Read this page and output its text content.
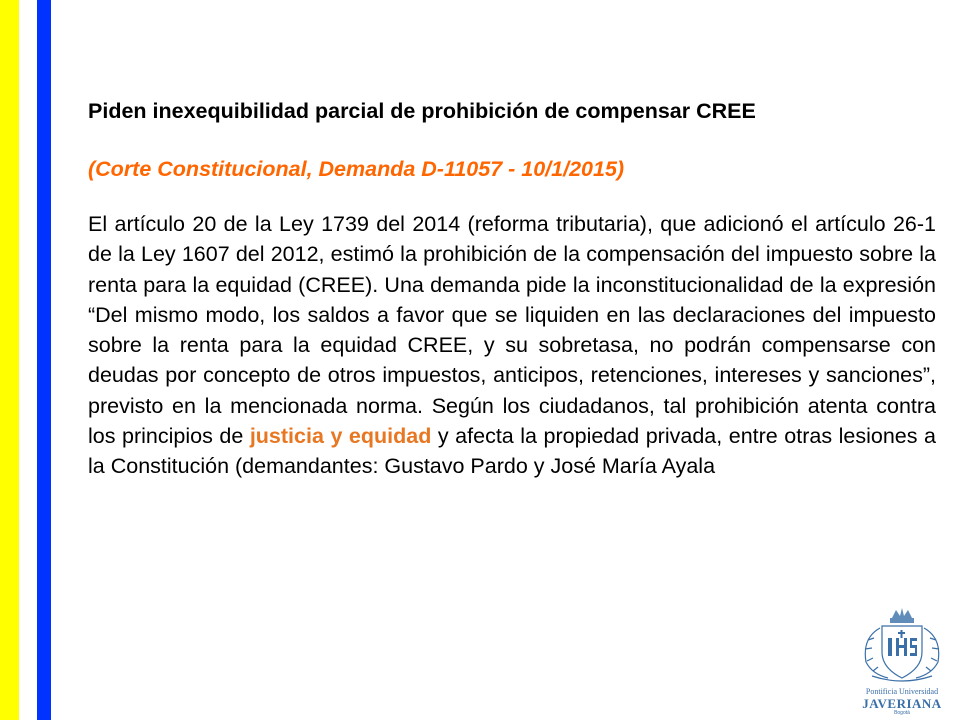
Piden inexequibilidad parcial de prohibición de compensar CREE

(Corte Constitucional, Demanda D-11057 - 10/1/2015)

El artículo 20 de la Ley 1739 del 2014 (reforma tributaria), que adicionó el artículo 26-1 de la Ley 1607 del 2012, estimó la prohibición de la compensación del impuesto sobre la renta para la equidad (CREE). Una demanda pide la inconstitucionalidad de la expresión “Del mismo modo, los saldos a favor que se liquiden en las declaraciones del impuesto sobre la renta para la equidad CREE, y su sobretasa, no podrán compensarse con deudas por concepto de otros impuestos, anticipos, retenciones, intereses y sanciones”, previsto en la mencionada norma. Según los ciudadanos, tal prohibición atenta contra los principios de justicia y equidad y afecta la propiedad privada, entre otras lesiones a la Constitución (demandantes: Gustavo Pardo y José María Ayala

Pontificia Universidad
JAVERIANA
Bogotá
